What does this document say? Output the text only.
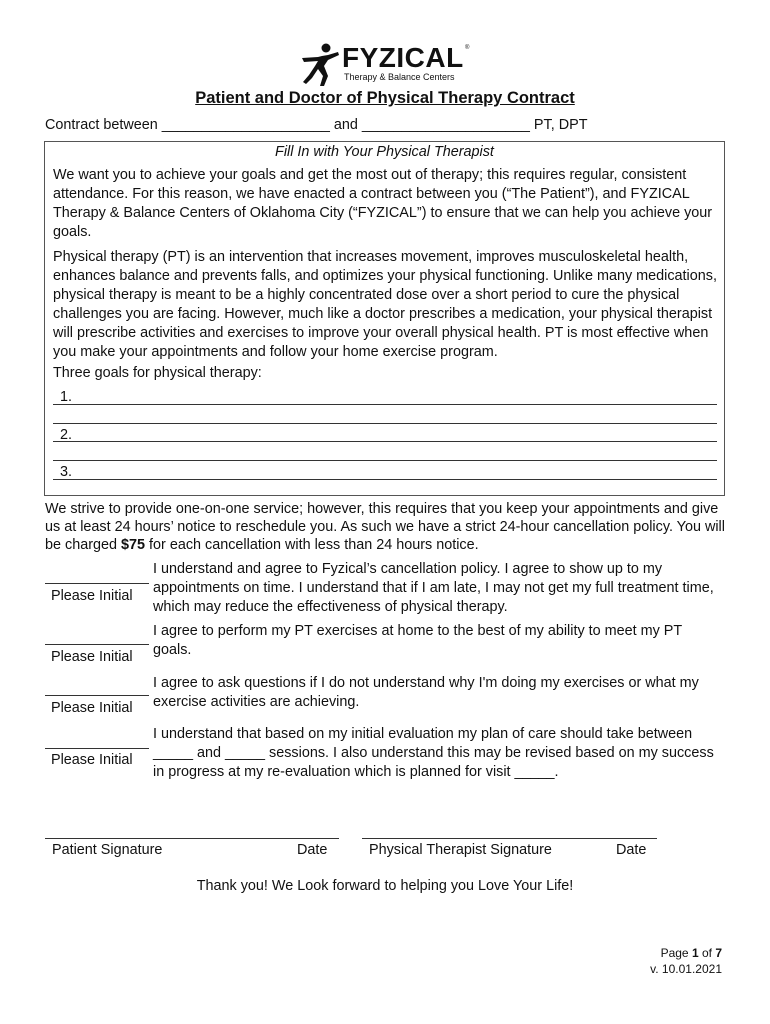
FYZICAL ®
Therapy & Balance Centers
Patient and Doctor of Physical Therapy Contract
Contract between _____________________ and _____________________ PT, DPT
Fill In with Your Physical Therapist
We want you to achieve your goals and get the most out of therapy; this requires regular, consistent attendance. For this reason, we have enacted a contract between you (“The Patient”), and FYZICAL Therapy & Balance Centers of Oklahoma City (“FYZICAL”) to ensure that we can help you achieve your goals.
Physical therapy (PT) is an intervention that increases movement, improves musculoskeletal health, enhances balance and prevents falls, and optimizes your physical functioning. Unlike many medications, physical therapy is meant to be a highly concentrated dose over a short period to cure the physical challenges you are facing. However, much like a doctor prescribes a medication, your physical therapist will prescribe activities and exercises to improve your overall physical health. PT is most effective when you make your appointments and follow your home exercise program.
Three goals for physical therapy:
1.
2.
3.
We strive to provide one-on-one service; however, this requires that you keep your appointments and give us at least 24 hours’ notice to reschedule you. As such we have a strict 24-hour cancellation policy. You will be charged $75 for each cancellation with less than 24 hours notice.
I understand and agree to Fyzical’s cancellation policy. I agree to show up to my appointments on time. I understand that if I am late, I may not get my full treatment time, which may reduce the effectiveness of physical therapy.
Please Initial
I agree to perform my PT exercises at home to the best of my ability to meet my PT goals.
Please Initial
I agree to ask questions if I do not understand why I'm doing my exercises or what my exercise activities are achieving.
Please Initial
I understand that based on my initial evaluation my plan of care should take between _____ and _____ sessions. I also understand this may be revised based on my success in progress at my re-evaluation which is planned for visit _____.
Please Initial
Patient Signature	Date	Physical Therapist Signature	Date
Thank you! We Look forward to helping you Love Your Life!
Page 1 of 7
v. 10.01.2021
